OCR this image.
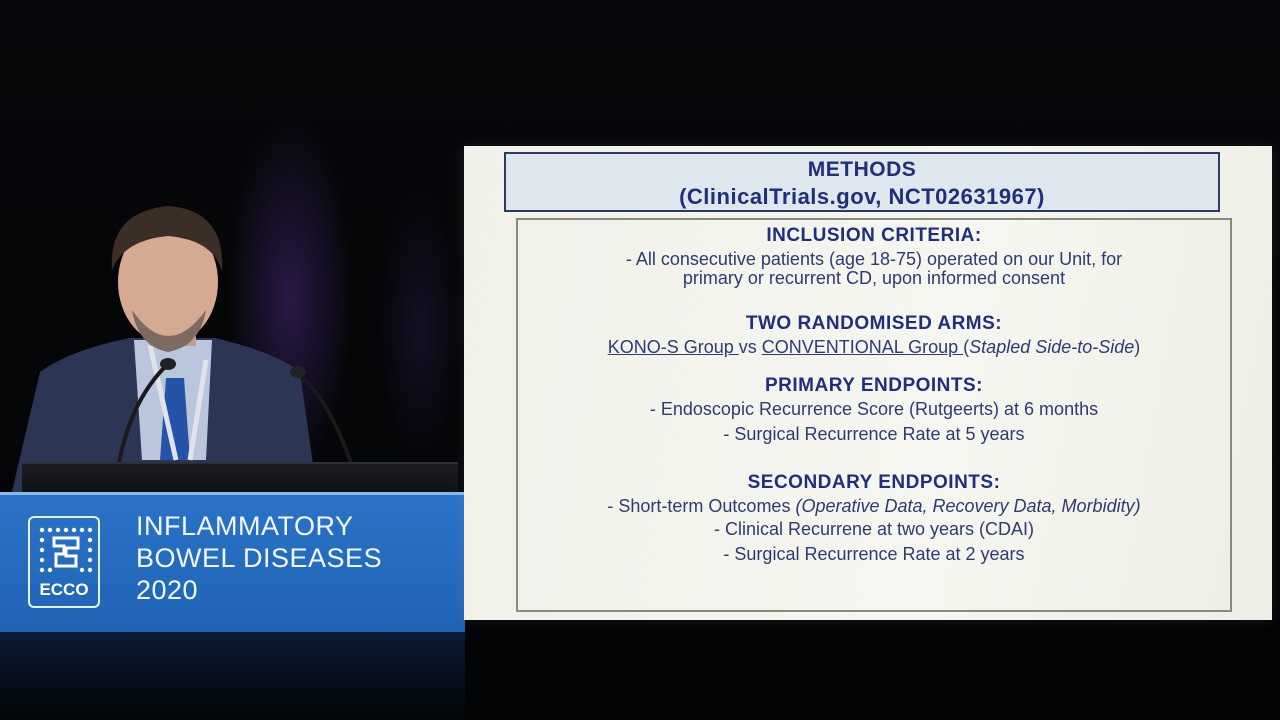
ECCO
INFLAMMATORY
BOWEL DISEASES
2020
METHODS
(ClinicalTrials.gov, NCT02631967)
INCLUSION CRITERIA:
- All consecutive patients (age 18-75) operated on our Unit, for
primary or recurrent CD, upon informed consent
TWO RANDOMISED ARMS:
KONO-S Group vs CONVENTIONAL Group (Stapled Side-to-Side)
PRIMARY ENDPOINTS:
- Endoscopic Recurrence Score (Rutgeerts) at 6 months
- Surgical Recurrence Rate at 5 years
SECONDARY ENDPOINTS:
- Short-term Outcomes (Operative Data, Recovery Data, Morbidity)
- Clinical Recurrene at two years (CDAI)
- Surgical Recurrence Rate at 2 years
